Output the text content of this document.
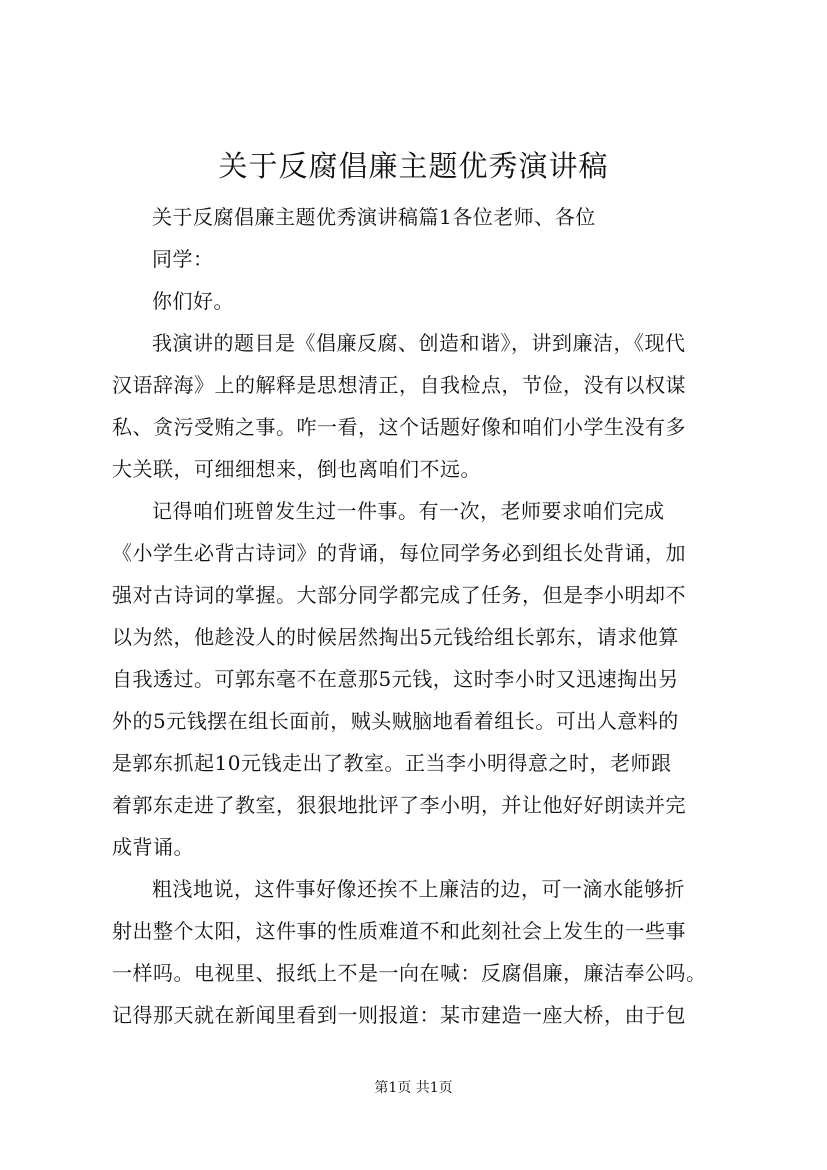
关于反腐倡廉主题优秀演讲稿
关于反腐倡廉主题优秀演讲稿篇1各位老师、各位
同学：
你们好。
我演讲的题目是《倡廉反腐、创造和谐》，讲到廉洁，《现代
汉语辞海》上的解释是思想清正，自我检点，节俭，没有以权谋
私、贪污受贿之事。咋一看，这个话题好像和咱们小学生没有多
大关联，可细细想来，倒也离咱们不远。
记得咱们班曾发生过一件事。有一次，老师要求咱们完成
《小学生必背古诗词》的背诵，每位同学务必到组长处背诵，加
强对古诗词的掌握。大部分同学都完成了任务，但是李小明却不
以为然，他趁没人的时候居然掏出5元钱给组长郭东，请求他算
自我透过。可郭东毫不在意那5元钱，这时李小时又迅速掏出另
外的5元钱摆在组长面前，贼头贼脑地看着组长。可出人意料的
是郭东抓起10元钱走出了教室。正当李小明得意之时，老师跟
着郭东走进了教室，狠狠地批评了李小明，并让他好好朗读并完
成背诵。
粗浅地说，这件事好像还挨不上廉洁的边，可一滴水能够折
射出整个太阳，这件事的性质难道不和此刻社会上发生的一些事
一样吗。电视里、报纸上不是一向在喊：反腐倡廉，廉洁奉公吗。
记得那天就在新闻里看到一则报道：某市建造一座大桥，由于包
第1页 共1页
